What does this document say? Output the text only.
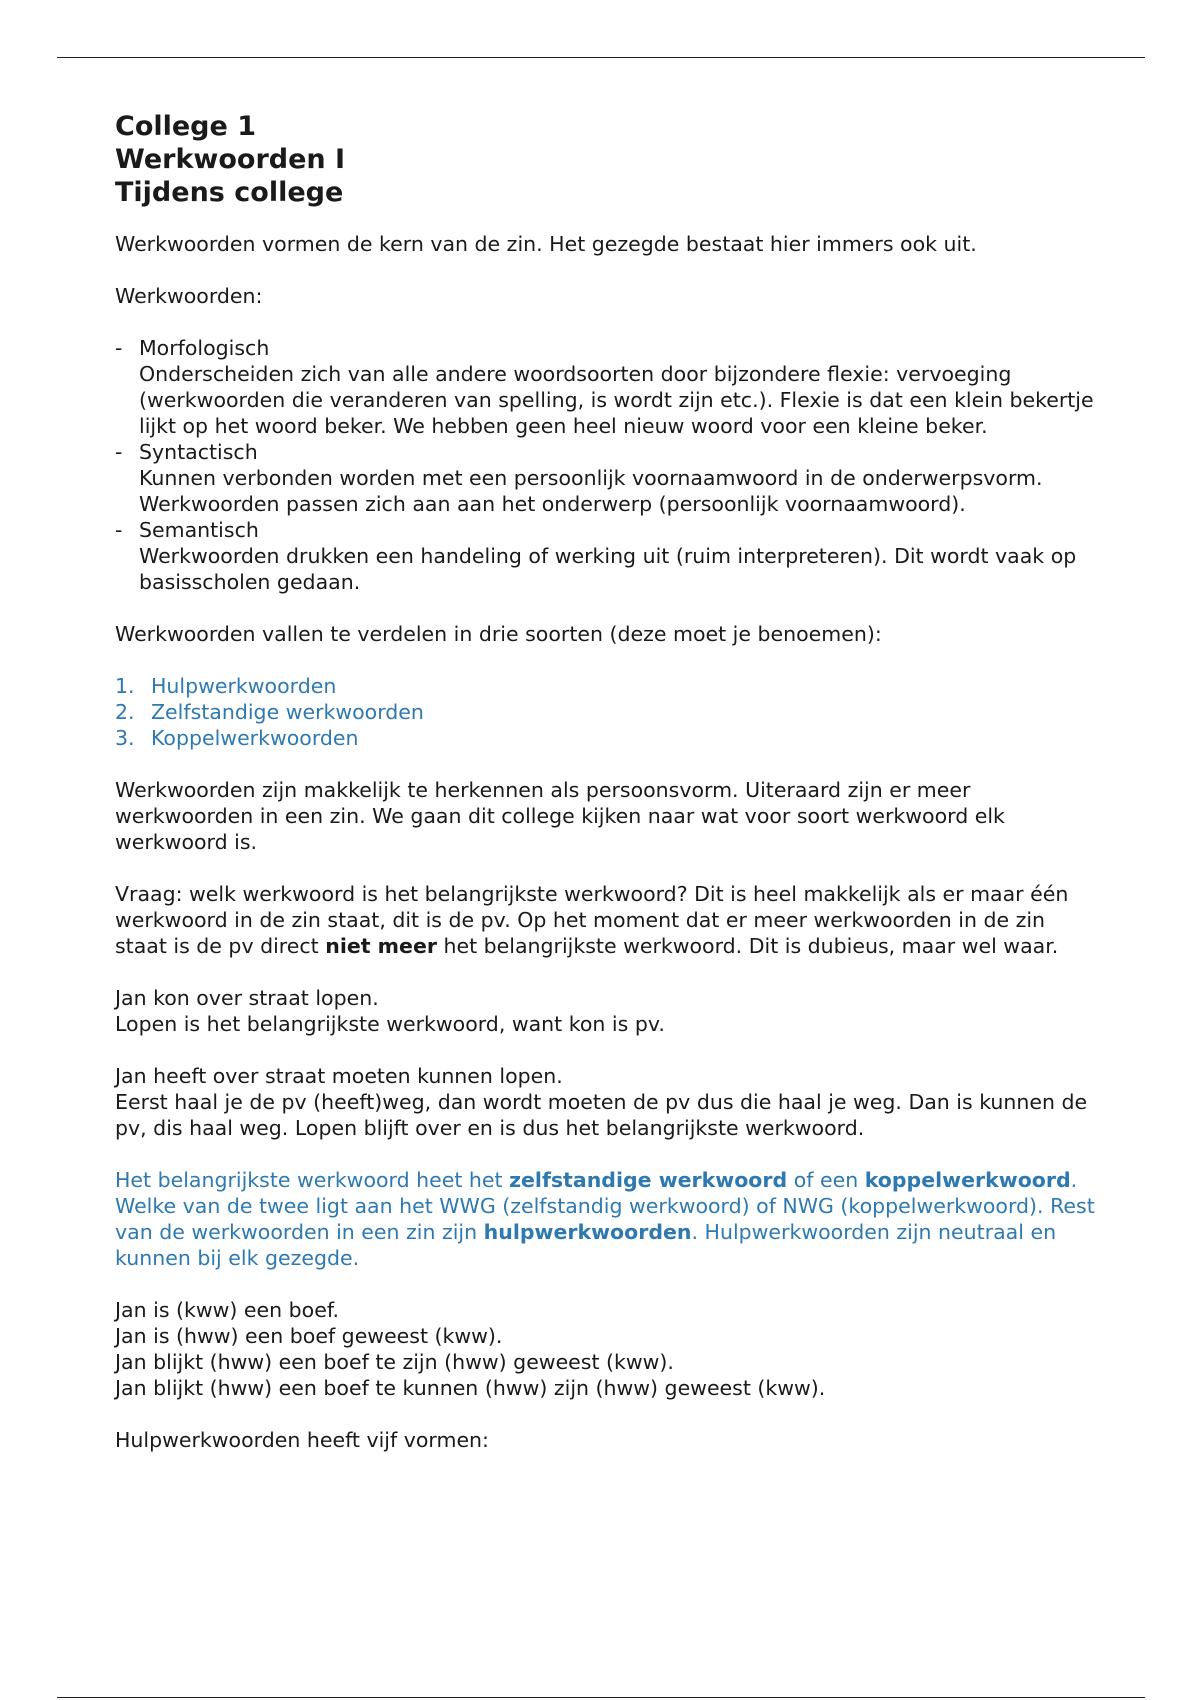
College 1
Werkwoorden I
Tijdens college

Werkwoorden vormen de kern van de zin. Het gezegde bestaat hier immers ook uit.

Werkwoorden:

- Morfologisch
Onderscheiden zich van alle andere woordsoorten door bijzondere flexie: vervoeging (werkwoorden die veranderen van spelling, is wordt zijn etc.). Flexie is dat een klein bekertje lijkt op het woord beker. We hebben geen heel nieuw woord voor een kleine beker.
- Syntactisch
Kunnen verbonden worden met een persoonlijk voornaamwoord in de onderwerpsvorm. Werkwoorden passen zich aan aan het onderwerp (persoonlijk voornaamwoord).
- Semantisch
Werkwoorden drukken een handeling of werking uit (ruim interpreteren). Dit wordt vaak op basisscholen gedaan.

Werkwoorden vallen te verdelen in drie soorten (deze moet je benoemen):

1. Hulpwerkwoorden
2. Zelfstandige werkwoorden
3. Koppelwerkwoorden

Werkwoorden zijn makkelijk te herkennen als persoonsvorm. Uiteraard zijn er meer werkwoorden in een zin. We gaan dit college kijken naar wat voor soort werkwoord elk werkwoord is.

Vraag: welk werkwoord is het belangrijkste werkwoord? Dit is heel makkelijk als er maar één werkwoord in de zin staat, dit is de pv. Op het moment dat er meer werkwoorden in de zin staat is de pv direct niet meer het belangrijkste werkwoord. Dit is dubieus, maar wel waar.

Jan kon over straat lopen.
Lopen is het belangrijkste werkwoord, want kon is pv.

Jan heeft over straat moeten kunnen lopen.
Eerst haal je de pv (heeft)weg, dan wordt moeten de pv dus die haal je weg. Dan is kunnen de pv, dis haal weg. Lopen blijft over en is dus het belangrijkste werkwoord.

Het belangrijkste werkwoord heet het zelfstandige werkwoord of een koppelwerkwoord. Welke van de twee ligt aan het WWG (zelfstandig werkwoord) of NWG (koppelwerkwoord). Rest van de werkwoorden in een zin zijn hulpwerkwoorden. Hulpwerkwoorden zijn neutraal en kunnen bij elk gezegde.

Jan is (kww) een boef.
Jan is (hww) een boef geweest (kww).
Jan blijkt (hww) een boef te zijn (hww) geweest (kww).
Jan blijkt (hww) een boef te kunnen (hww) zijn (hww) geweest (kww).

Hulpwerkwoorden heeft vijf vormen:
